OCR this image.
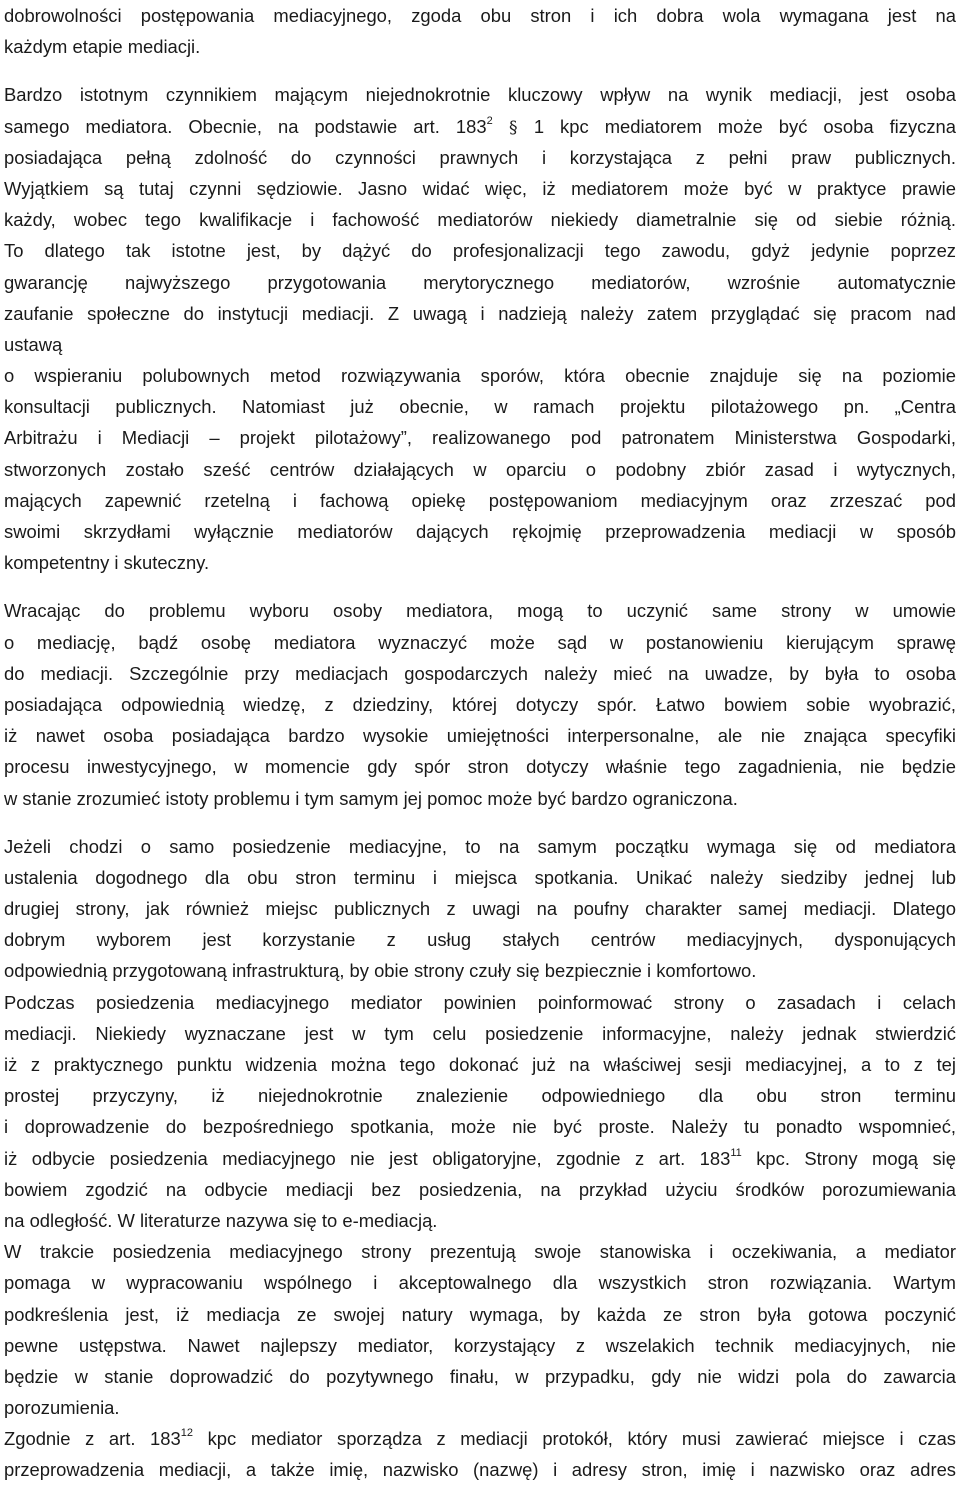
dobrowolności postępowania mediacyjnego, zgoda obu stron i ich dobra wola wymagana jest na
każdym etapie mediacji.
Bardzo istotnym czynnikiem mającym niejednokrotnie kluczowy wpływ na wynik mediacji, jest osoba
samego mediatora. Obecnie, na podstawie art. $183^2$ § 1 kpc mediatorem może być osoba fizyczna
posiadająca pełną zdolność do czynności prawnych i korzystająca z pełni praw publicznych.
Wyjątkiem są tutaj czynni sędziowie. Jasno widać więc, iż mediatorem może być w praktyce prawie
każdy, wobec tego kwalifikacje i fachowość mediatorów niekiedy diametralnie się od siebie różnią.
To dlatego tak istotne jest, by dążyć do profesjonalizacji tego zawodu, gdyż jedynie poprzez
gwarancję najwyższego przygotowania merytorycznego mediatorów, wzrośnie automatycznie
zaufanie społeczne do instytucji mediacji. Z uwagą i nadzieją należy zatem przyglądać się pracom nad
ustawą
o wspieraniu polubownych metod rozwiązywania sporów, która obecnie znajduje się na poziomie
konsultacji publicznych. Natomiast już obecnie, w ramach projektu pilotażowego pn. „Centra
Arbitrażu i Mediacji – projekt pilotażowy”, realizowanego pod patronatem Ministerstwa Gospodarki,
stworzonych zostało sześć centrów działających w oparciu o podobny zbiór zasad i wytycznych,
mających zapewnić rzetelną i fachową opiekę postępowaniom mediacyjnym oraz zrzeszać pod
swoimi skrzydłami wyłącznie mediatorów dających rękojmię przeprowadzenia mediacji w sposób
kompetentny i skuteczny.
Wracając do problemu wyboru osoby mediatora, mogą to uczynić same strony w umowie
o mediację, bądź osobę mediatora wyznaczyć może sąd w postanowieniu kierującym sprawę
do mediacji. Szczególnie przy mediacjach gospodarczych należy mieć na uwadze, by była to osoba
posiadająca odpowiednią wiedzę, z dziedziny, której dotyczy spór. Łatwo bowiem sobie wyobrazić,
iż nawet osoba posiadająca bardzo wysokie umiejętności interpersonalne, ale nie znająca specyfiki
procesu inwestycyjnego, w momencie gdy spór stron dotyczy właśnie tego zagadnienia, nie będzie
w stanie zrozumieć istoty problemu i tym samym jej pomoc może być bardzo ograniczona.
Jeżeli chodzi o samo posiedzenie mediacyjne, to na samym początku wymaga się od mediatora
ustalenia dogodnego dla obu stron terminu i miejsca spotkania. Unikać należy siedziby jednej lub
drugiej strony, jak również miejsc publicznych z uwagi na poufny charakter samej mediacji. Dlatego
dobrym wyborem jest korzystanie z usług stałych centrów mediacyjnych, dysponujących
odpowiednią przygotowaną infrastrukturą, by obie strony czuły się bezpiecznie i komfortowo.
Podczas posiedzenia mediacyjnego mediator powinien poinformować strony o zasadach i celach
mediacji. Niekiedy wyznaczane jest w tym celu posiedzenie informacyjne, należy jednak stwierdzić
iż z praktycznego punktu widzenia można tego dokonać już na właściwej sesji mediacyjnej, a to z tej
prostej przyczyny, iż niejednokrotnie znalezienie odpowiedniego dla obu stron terminu
i doprowadzenie do bezpośredniego spotkania, może nie być proste. Należy tu ponadto wspomnieć,
iż odbycie posiedzenia mediacyjnego nie jest obligatoryjne, zgodnie z art. $183^{11}$ kpc. Strony mogą się
bowiem zgodzić na odbycie mediacji bez posiedzenia, na przykład użyciu środków porozumiewania
na odległość. W literaturze nazywa się to e-mediacją.
W trakcie posiedzenia mediacyjnego strony prezentują swoje stanowiska i oczekiwania, a mediator
pomaga w wypracowaniu wspólnego i akceptowalnego dla wszystkich stron rozwiązania. Wartym
podkreślenia jest, iż mediacja ze swojej natury wymaga, by każda ze stron była gotowa poczynić
pewne ustępstwa. Nawet najlepszy mediator, korzystający z wszelakich technik mediacyjnych, nie
będzie w stanie doprowadzić do pozytywnego finału, w przypadku, gdy nie widzi pola do zawarcia
porozumienia.
Zgodnie z art. $183^{12}$ kpc mediator sporządza z mediacji protokół, który musi zawierać miejsce i czas
przeprowadzenia mediacji, a także imię, nazwisko (nazwę) i adresy stron, imię i nazwisko oraz adres
